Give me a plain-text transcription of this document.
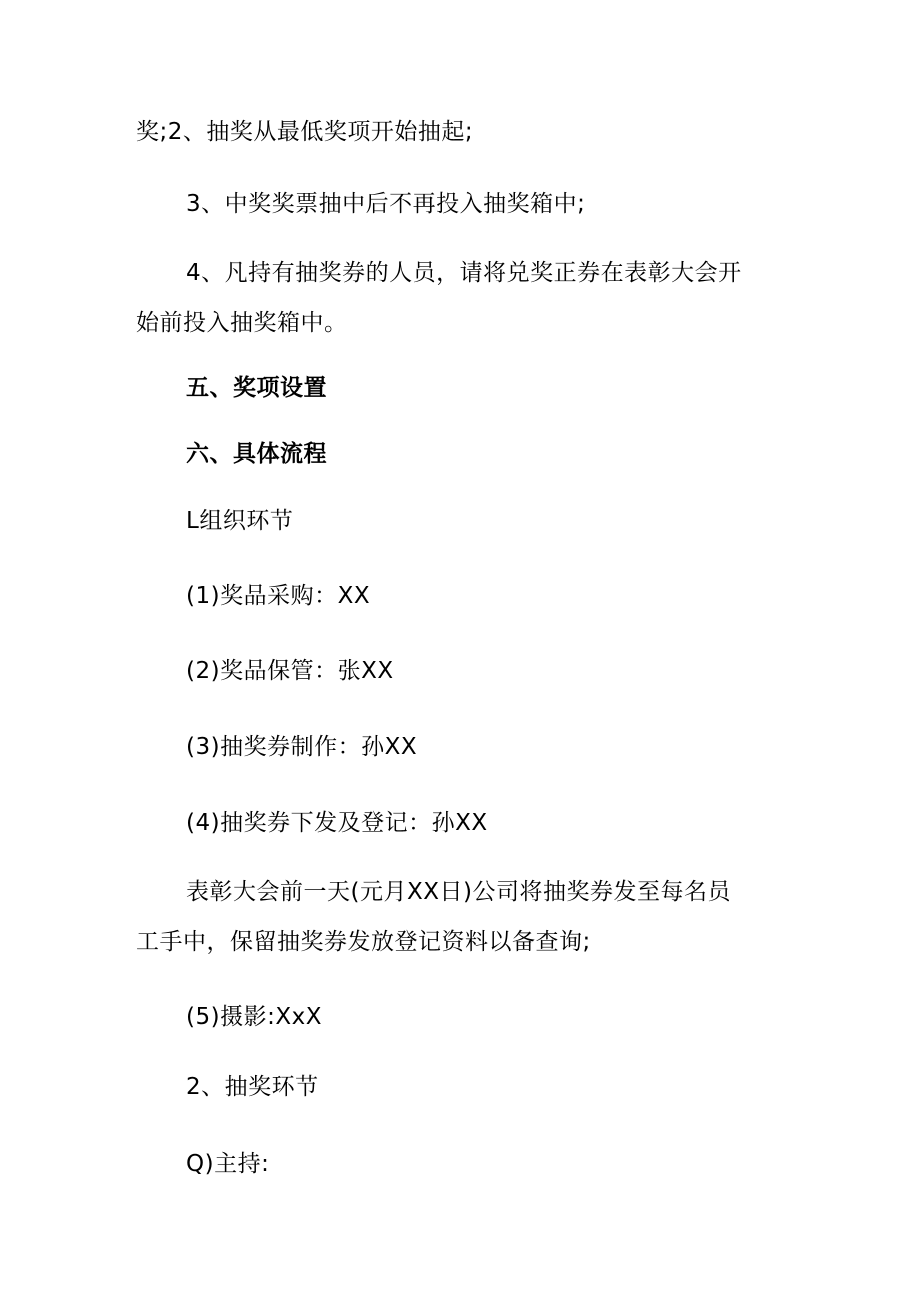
奖;2、抽奖从最低奖项开始抽起;
3、中奖奖票抽中后不再投入抽奖箱中;
4、凡持有抽奖券的人员，请将兑奖正券在表彰大会开
始前投入抽奖箱中。
五、奖项设置
六、具体流程
L组织环节
(1)奖品采购：XX
(2)奖品保管：张XX
(3)抽奖券制作：孙XX
(4)抽奖券下发及登记：孙XX
表彰大会前一天(元月XX日)公司将抽奖券发至每名员
工手中，保留抽奖券发放登记资料以备查询;
(5)摄影:XxX
2、抽奖环节
Q)主持:
